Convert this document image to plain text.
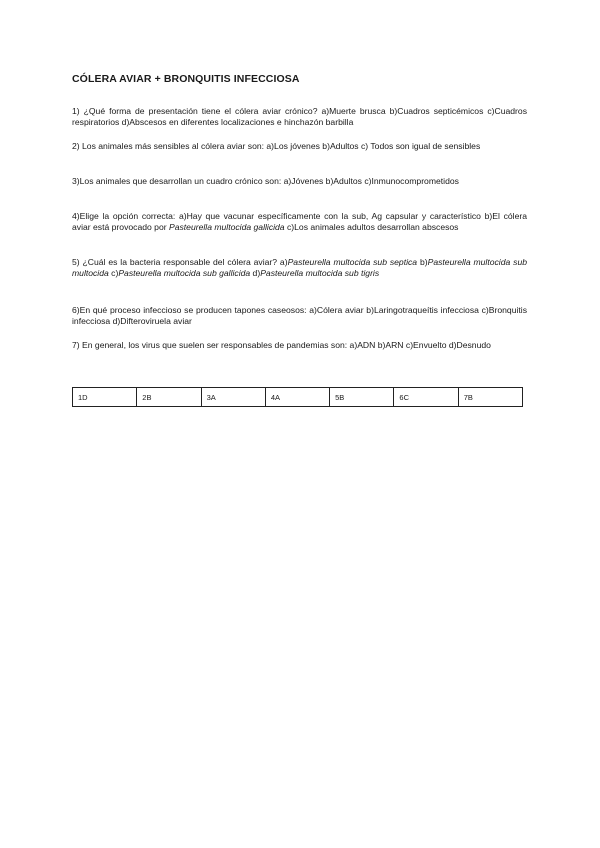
CÓLERA AVIAR + BRONQUITIS INFECCIOSA
1) ¿Qué forma de presentación tiene el cólera aviar crónico? a)Muerte brusca b)Cuadros septicémicos c)Cuadros respiratorios d)Abscesos en diferentes localizaciones e hinchazón barbilla
2) Los animales más sensibles al cólera aviar son: a)Los jóvenes b)Adultos c) Todos son igual de sensibles
3)Los animales que desarrollan un cuadro crónico son: a)Jóvenes b)Adultos c)Inmunocomprometidos
4)Elige la opción correcta: a)Hay que vacunar específicamente con la sub, Ag capsular y característico b)El cólera aviar está provocado por Pasteurella multocida gallicida c)Los animales adultos desarrollan abscesos
5) ¿Cuál es la bacteria responsable del cólera aviar? a)Pasteurella multocida sub septica b)Pasteurella multocida sub multocida c)Pasteurella multocida sub gallicida d)Pasteurella multocida sub tigris
6)En qué proceso infeccioso se producen tapones caseosos: a)Cólera aviar b)Laringotraqueítis infecciosa c)Bronquitis infecciosa d)Difteroviruela aviar
7) En general, los virus que suelen ser responsables de pandemias son: a)ADN b)ARN c)Envuelto d)Desnudo
1D	2B	3A	4A	5B	6C	7B
